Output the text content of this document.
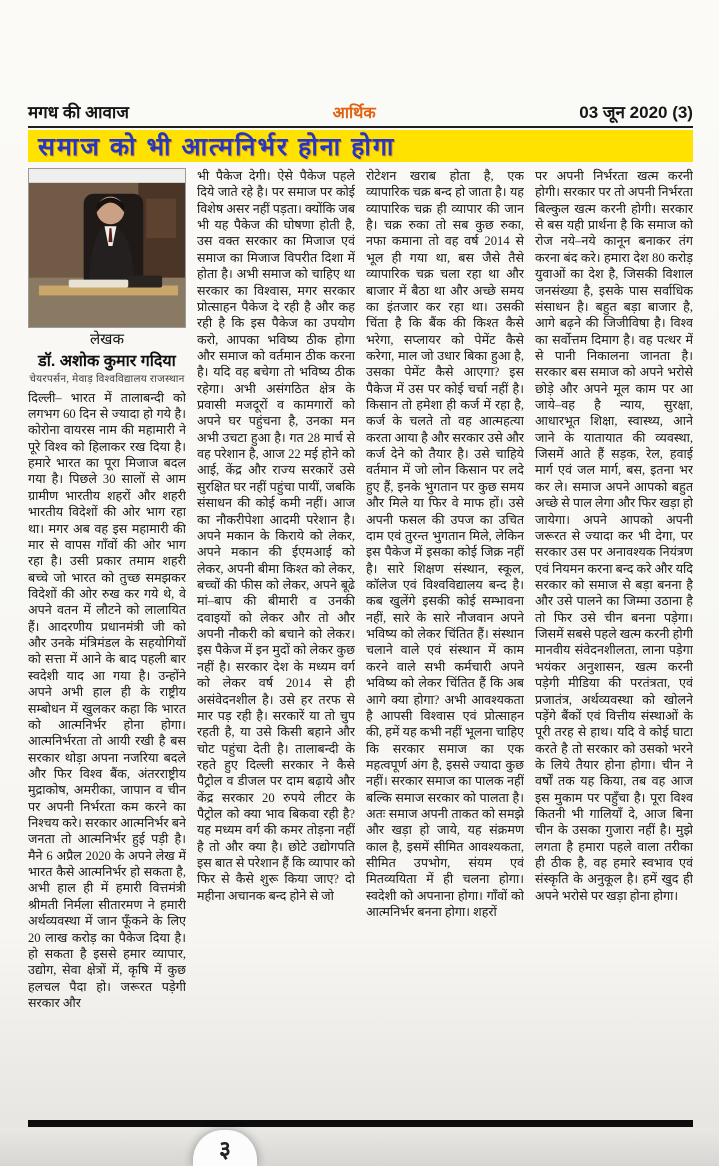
मगध की आवाज	आर्थिक	03 जून 2020 (3)
समाज को भी आत्मनिर्भर होना होगा
लेखक
डॉ. अशोक कुमार गदिया
चेयरपर्सन, मेवाड़ विश्वविद्यालय राजस्थान
दिल्ली– भारत में तालाबन्दी को लगभग 60 दिन से ज्यादा हो गये है। कोरोना वायरस नाम की महामारी ने पूरे विश्व को हिलाकर रख दिया है। हमारे भारत का पूरा मिजाज बदल गया है। पिछले 30 सालों से आम ग्रामीण भारतीय शहरों और शहरी भारतीय विदेशों की ओर भाग रहा था। मगर अब वह इस महामारी की मार से वापस गाँवों की ओर भाग रहा है। उसी प्रकार तमाम शहरी बच्चे जो भारत को तुच्छ समझकर विदेशों की ओर रुख कर गये थे, वे अपने वतन में लौटने को लालायित हैं। आदरणीय प्रधानमंत्री जी को और उनके मंत्रिमंडल के सहयोगियों को सत्ता में आने के बाद पहली बार स्वदेशी याद आ गया है। उन्होंने अपने अभी हाल ही के राष्ट्रीय सम्बोधन में खुलकर कहा कि भारत को आत्मनिर्भर होना होगा। आत्मनिर्भरता तो आयी रखी है बस सरकार थोड़ा अपना नजरिया बदले और फिर विश्व बैंक, अंतरराष्ट्रीय मुद्राकोष, अमरीका, जापान व चीन पर अपनी निर्भरता कम करने का निश्चय करे। सरकार आत्मनिर्भर बने जनता तो आत्मनिर्भर हुई पड़ी है। मैने 6 अप्रैल 2020 के अपने लेख में भारत कैसे आत्मनिर्भर हो सकता है, अभी हाल ही में हमारी वित्तमंत्री श्रीमती निर्मला सीतारमण ने हमारी अर्थव्यवस्था में जान फूँकने के लिए 20 लाख करोड़ का पैकेज दिया है। हो सकता है इससे हमार व्यापार, उद्योग, सेवा क्षेत्रों में, कृषि में कुछ हलचल पैदा हो। जरूरत पड़ेगी सरकार और
भी पैकेज देगी। ऐसे पैकेज पहले दिये जाते रहे है। पर समाज पर कोई विशेष असर नहीं पड़ता। क्योंकि जब भी यह पैकेज की घोषणा होती है, उस वक्त सरकार का मिजाज एवं समाज का मिजाज विपरीत दिशा में होता है। अभी समाज को चाहिए था सरकार का विश्वास, मगर सरकार प्रोत्साहन पैकेज दे रही है और कह रही है कि इस पैकेज का उपयोग करो, आपका भविष्य ठीक होगा और समाज को वर्तमान ठीक करना है। यदि वह बचेगा तो भविष्य ठीक रहेगा। अभी असंगठित क्षेत्र के प्रवासी मजदूरों व कामगारों को अपने घर पहुंचना है, उनका मन अभी उचटा हुआ है। गत 28 मार्च से वह परेशान है, आज 22 मई होने को आई, केंद्र और राज्य सरकारें उसे सुरक्षित घर नहीं पहुंचा पायीं, जबकि संसाधन की कोई कमी नहीं। आज का नौकरीपेशा आदमी परेशान है। अपने मकान के किराये को लेकर, अपने मकान की ईएमआई को लेकर, अपनी बीमा किश्त को लेकर, बच्चों की फीस को लेकर, अपने बूढे मां–बाप की बीमारी व उनकी दवाइयों को लेकर और तो और अपनी नौकरी को बचाने को लेकर। इस पैकेज में इन मुदों को लेकर कुछ नहीं है। सरकार देश के मध्यम वर्ग को लेकर वर्ष 2014 से ही असंवेदनशील है। उसे हर तरफ से मार पड़ रही है। सरकारें या तो चुप रहती है, या उसे किसी बहाने और चोट पहुंचा देती है। तालाबन्दी के रहते हुए दिल्ली सरकार ने कैसे पैट्रोल व डीजल पर दाम बढ़ाये और केंद्र सरकार 20 रुपये लीटर के पैट्रोल को क्या भाव बिकवा रही है? यह मध्यम वर्ग की कमर तोड़ना नहीं है तो और क्या है। छोटे उद्योगपति इस बात से परेशान हैं कि व्यापार को फिर से कैसे शुरू किया जाए? दो महीना अचानक बन्द होने से जो
रोटेशन खराब होता है, एक व्यापारिक चक्र बन्द हो जाता है। यह व्यापारिक चक्र ही व्यापार की जान है। चक्र रुका तो सब कुछ रुका, नफा कमाना तो वह वर्ष 2014 से भूल ही गया था, बस जैसे तैसे व्यापारिक चक्र चला रहा था और बाजार में बैठा था और अच्छे समय का इंतजार कर रहा था। उसकी चिंता है कि बैंक की किश्त कैसे भरेगा, सप्लायर को पेमेंट कैसे करेगा, माल जो उधार बिका हुआ है, उसका पेमेंट कैसे आएगा? इस पैकेज में उस पर कोई चर्चा नहीं है। किसान तो हमेशा ही कर्ज में रहा है, कर्ज के चलते तो वह आत्महत्या करता आया है और सरकार उसे और कर्ज देने को तैयार है। उसे चाहिये वर्तमान में जो लोन किसान पर लदे हुए हैं, इनके भुगतान पर कुछ समय और मिले या फिर वे माफ हों। उसे अपनी फसल की उपज का उचित दाम एवं तुरन्त भुगतान मिले, लेकिन इस पैकेज में इसका कोई जिक्र नहीं है। सारे शिक्षण संस्थान, स्कूल, कॉलेज एवं विश्वविद्यालय बन्द है। कब खुलेंगे इसकी कोई सम्भावना नहीं, सारे के सारे नौजवान अपने भविष्य को लेकर चिंतित हैं। संस्थान चलाने वाले एवं संस्थान में काम करने वाले सभी कर्मचारी अपने भविष्य को लेकर चिंतित हैं कि अब आगे क्या होगा? अभी आवश्यकता है आपसी विश्वास एवं प्रोत्साहन की, हमें यह कभी नहीं भूलना चाहिए कि सरकार समाज का एक महत्वपूर्ण अंग है, इससे ज्यादा कुछ नहीं। सरकार समाज का पालक नहीं बल्कि समाज सरकार को पालता है। अतः समाज अपनी ताकत को समझे और खड़ा हो जाये, यह संक्रमण काल है, इसमें सीमित आवश्यकता, सीमित उपभोग, संयम एवं मितव्ययिता में ही चलना होगा। स्वदेशी को अपनाना होगा। गाँवों को आत्मनिर्भर बनना होगा। शहरों
पर अपनी निर्भरता खत्म करनी होगी। सरकार पर तो अपनी निर्भरता बिल्कुल खत्म करनी होगी। सरकार से बस यही प्रार्थना है कि समाज को रोज नये–नये कानून बनाकर तंग करना बंद करे। हमारा देश 80 करोड़ युवाओं का देश है, जिसकी विशाल जनसंख्या है, इसके पास सर्वाधिक संसाधन है। बहुत बड़ा बाजार है, आगे बढ़ने की जिजीविषा है। विश्व का सर्वोत्तम दिमाग है। वह पत्थर में से पानी निकालना जानता है। सरकार बस समाज को अपने भरोसे छोड़े और अपने मूल काम पर आ जाये–वह है न्याय, सुरक्षा, आधारभूत शिक्षा, स्वास्थ्य, आने जाने के यातायात की व्यवस्था, जिसमें आते हैं सड़क, रेल, हवाई मार्ग एवं जल मार्ग, बस, इतना भर कर ले। समाज अपने आपको बहुत अच्छे से पाल लेगा और फिर खड़ा हो जायेगा। अपने आपको अपनी जरूरत से ज्यादा कर भी देगा, पर सरकार उस पर अनावश्यक नियंत्रण एवं नियमन करना बन्द करे और यदि सरकार को समाज से बड़ा बनना है और उसे पालने का जिम्मा उठाना है तो फिर उसे चीन बनना पड़ेगा। जिसमें सबसे पहले खत्म करनी होगी मानवीय संवेदनशीलता, लाना पड़ेगा भयंकर अनुशासन, खत्म करनी पड़ेगी मीडिया की परतंत्रता, एवं प्रजातंत्र, अर्थव्यवस्था को खोलने पड़ेंगे बैंकों एवं वित्तीय संस्थाओं के पूरी तरह से हाथ। यदि वे कोई घाटा करते है तो सरकार को उसको भरने के लिये तैयार होना होगा। चीन ने वर्षों तक यह किया, तब वह आज इस मुकाम पर पहुँचा है। पूरा विश्व कितनी भी गालियाँ दे, आज बिना चीन के उसका गुजारा नहीं है। मुझे लगता है हमारा पहले वाला तरीका ही ठीक है, वह हमारे स्वभाव एवं संस्कृति के अनुकूल है। हमें खुद ही अपने भरोसे पर खड़ा होना होगा।
३
